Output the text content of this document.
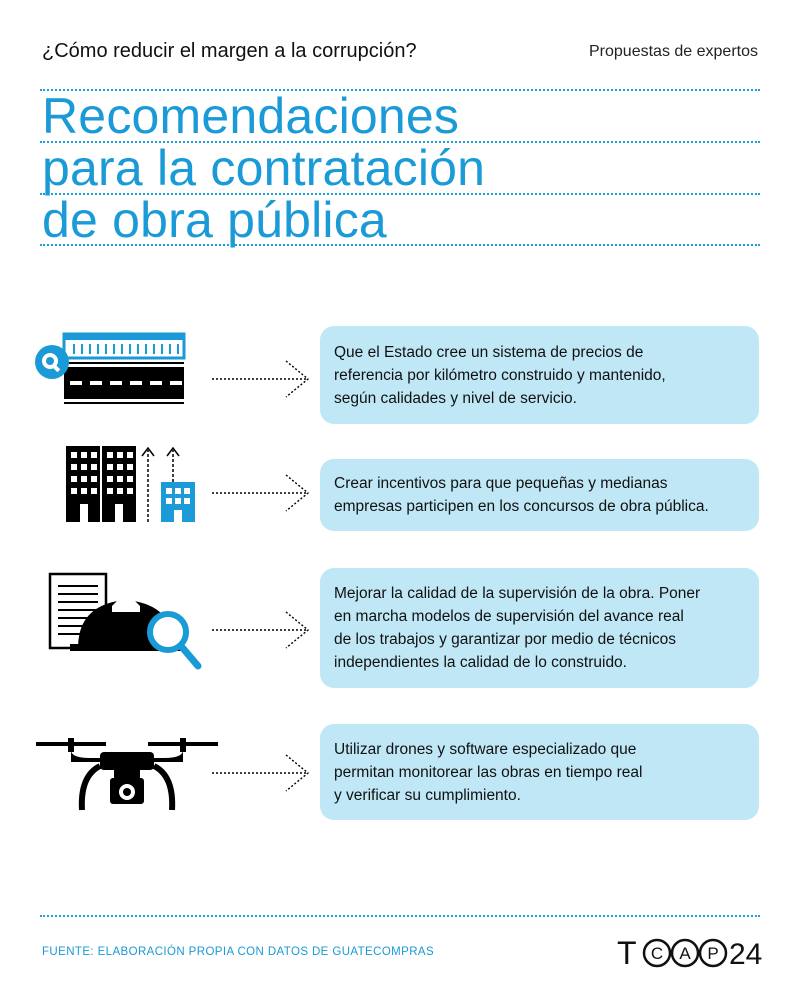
¿Cómo reducir el margen a la corrupción?	Propuestas de expertos
Recomendaciones
para la contratación
de obra pública
Que el Estado cree un sistema de precios de
referencia por kilómetro construido y mantenido,
según calidades y nivel de servicio.
Crear incentivos para que pequeñas y medianas
empresas participen en los concursos de obra pública.
Mejorar la calidad de la supervisión de la obra. Poner
en marcha modelos de supervisión del avance real
de los trabajos y garantizar por medio de técnicos
independientes la calidad de lo construido.
Utilizar drones y software especializado que
permitan monitorear las obras en tiempo real
y verificar su cumplimiento.
FUENTE: ELABORACIÓN PROPIA CON DATOS DE GUATECOMPRAS	T C A P 24
